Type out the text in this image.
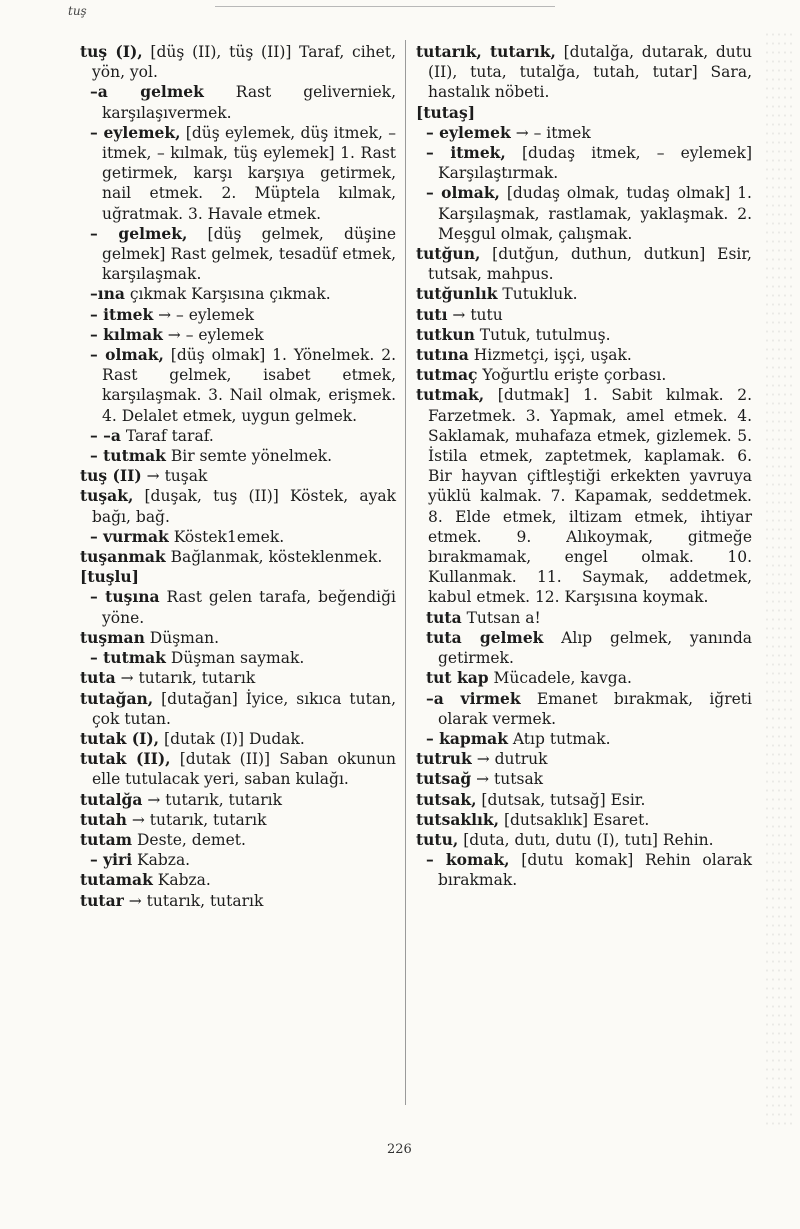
tuş

tuş (I), [düş (II), tüş (II)] Taraf, cihet, yön, yol.

–a gelmek Rast geliverniek, karşılaşıvermek.

– eylemek, [düş eylemek, düş itmek, – itmek, – kılmak, tüş eylemek] 1. Rast getirmek, karşı karşıya getirmek, nail etmek. 2. Müptela kılmak, uğratmak. 3. Havale etmek.

– gelmek, [düş gelmek, düşine gelmek] Rast gelmek, tesadüf etmek, karşılaşmak.

–ına çıkmak Karşısına çıkmak.

– itmek → – eylemek

– kılmak → – eylemek

– olmak, [düş olmak] 1. Yönelmek. 2. Rast gelmek, isabet etmek, karşılaşmak. 3. Nail olmak, erişmek. 4. Delalet etmek, uygun gelmek.

– –a Taraf taraf.

– tutmak Bir semte yönelmek.

tuş (II) → tuşak

tuşak, [duşak, tuş (II)] Köstek, ayak bağı, bağ.

– vurmak Köstek1emek.

tuşanmak Bağlanmak, kösteklenmek.

[tuşlu]

– tuşına Rast gelen tarafa, beğendiği yöne.

tuşman Düşman.

– tutmak Düşman saymak.

tuta → tutarık, tutarık

tutağan, [dutağan] İyice, sıkıca tutan, çok tutan.

tutak (I), [dutak (I)] Dudak.

tutak (II), [dutak (II)] Saban okunun elle tutulacak yeri, saban kulağı.

tutalğa → tutarık, tutarık

tutah → tutarık, tutarık

tutam Deste, demet.

– yiri Kabza.

tutamak Kabza.

tutar → tutarık, tutarık

tutarık, tutarık, [dutalğa, dutarak, dutu (II), tuta, tutalğa, tutah, tutar] Sara, hastalık nöbeti.

[tutaş]

– eylemek → – itmek

– itmek, [dudaş itmek, – eylemek] Karşılaştırmak.

– olmak, [dudaş olmak, tudaş olmak] 1. Karşılaşmak, rastlamak, yaklaşmak. 2. Meşgul olmak, çalışmak.

tutğun, [dutğun, duthun, dutkun] Esir, tutsak, mahpus.

tutğunlık Tutukluk.

tutı → tutu

tutkun Tutuk, tutulmuş.

tutına Hizmetçi, işçi, uşak.

tutmaç Yoğurtlu erişte çorbası.

tutmak, [dutmak] 1. Sabit kılmak. 2. Farzetmek. 3. Yapmak, amel etmek. 4. Saklamak, muhafaza etmek, gizlemek. 5. İstila etmek, zaptetmek, kaplamak. 6. Bir hayvan çiftleştiği erkekten yavruya yüklü kalmak. 7. Kapamak, seddetmek. 8. Elde etmek, iltizam etmek, ihtiyar etmek. 9. Alıkoymak, gitmeğe bırakmamak, engel olmak. 10. Kullanmak. 11. Saymak, addetmek, kabul etmek. 12. Karşısına koymak.

tuta Tutsan a!

tuta gelmek Alıp gelmek, yanında getirmek.

tut kap Mücadele, kavga.

–a virmek Emanet bırakmak, iğreti olarak vermek.

– kapmak Atıp tutmak.

tutruk → dutruk

tutsağ → tutsak

tutsak, [dutsak, tutsağ] Esir.

tutsaklık, [dutsaklık] Esaret.

tutu, [duta, dutı, dutu (I), tutı] Rehin.

– komak, [dutu komak] Rehin olarak bırakmak.

226
